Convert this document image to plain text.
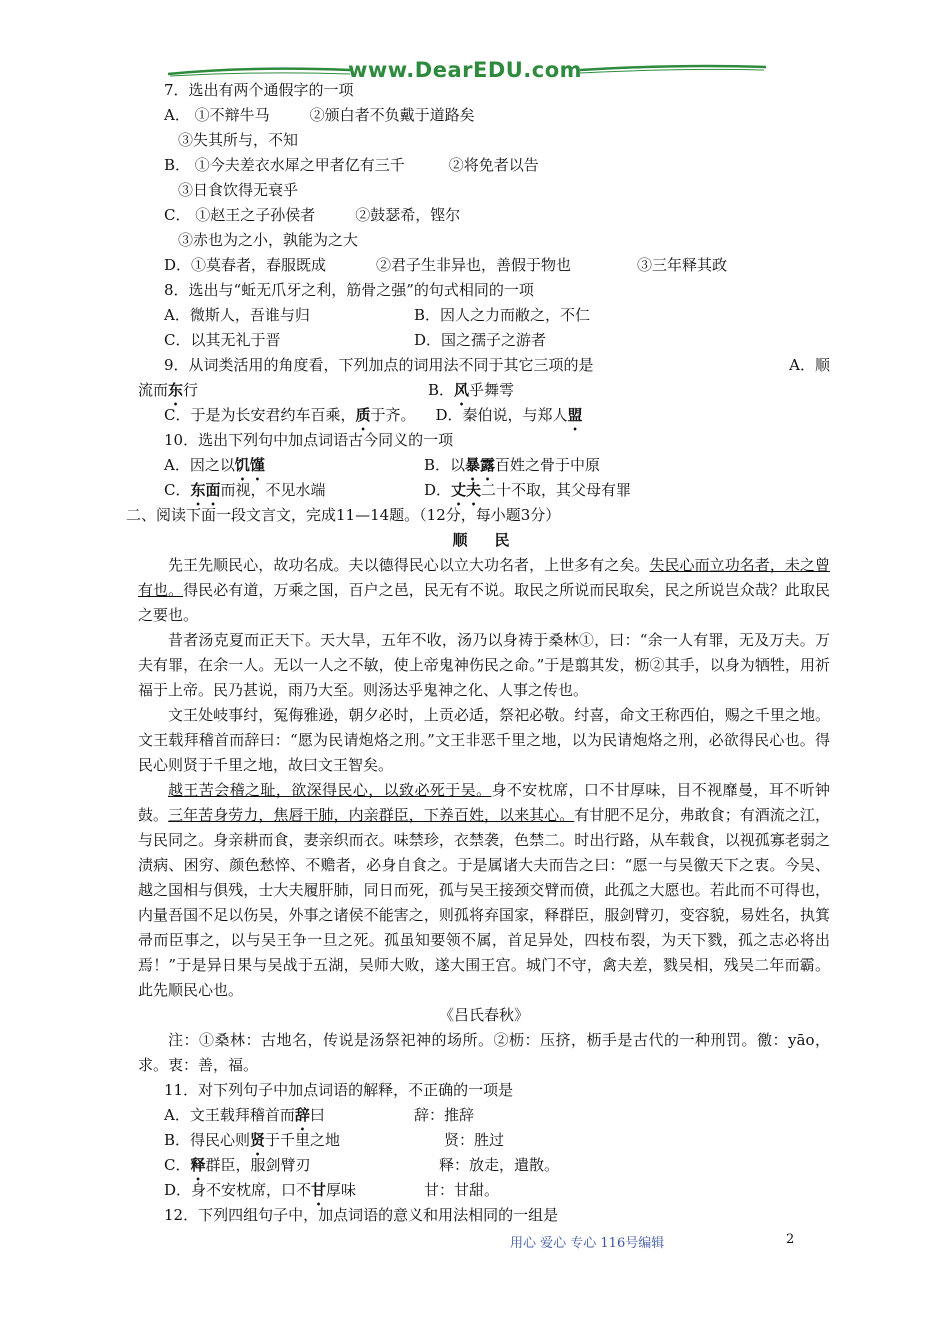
www.DearEDU.com
7．选出有两个通假字的一项
A． ①不辩牛马	②颁白者不负戴于道路矣
③失其所与，不知
B． ①今夫差衣水犀之甲者亿有三千	②将免者以告
③日食饮得无衰乎
C． ①赵王之子孙侯者	②鼓瑟希，铿尔
③赤也为之小，孰能为之大
D．①莫春者，春服既成	②君子生非异也，善假于物也	③三年释其政
8．选出与“蚯无爪牙之利，筋骨之强”的句式相同的一项
A．微斯人，吾谁与归	B．因人之力而敝之，不仁
C．以其无礼于晋	D．国之孺子之游者
9．从词类活用的角度看，下列加点的词用法不同于其它三项的是	A．顺
流而东行	B．风乎舞雩
C．于是为长安君约车百乘，质于齐。 D．秦伯说，与郑人盟
10．选出下列句中加点词语古今同义的一项
A．因之以饥馑	B．以暴露百姓之骨于中原
C．东面而视，不见水端	D．丈夫二十不取，其父母有罪
二、阅读下面一段文言文，完成11—14题。（12分，每小题3分）
顺　民

先王先顺民心，故功名成。夫以德得民心以立大功名者，上世多有之矣。失民心而立功名者，未之曾有也。得民必有道，万乘之国，百户之邑，民无有不说。取民之所说而民取矣，民之所说岂众哉？此取民之要也。

昔者汤克夏而正天下。天大旱，五年不收，汤乃以身祷于桑林①，曰：“余一人有罪，无及万夫。万夫有罪，在余一人。无以一人之不敏，使上帝鬼神伤民之命。”于是翦其发，枥②其手，以身为牺牲，用祈福于上帝。民乃甚说，雨乃大至。则汤达乎鬼神之化、人事之传也。

文王处岐事纣，冤侮雅逊，朝夕必时，上贡必适，祭祀必敬。纣喜，命文王称西伯，赐之千里之地。文王载拜稽首而辞曰：“愿为民请炮烙之刑。”文王非恶千里之地，以为民请炮烙之刑，必欲得民心也。得民心则贤于千里之地，故曰文王智矣。

越王苦会稽之耻，欲深得民心，以致必死于吴。身不安枕席，口不甘厚味，目不视靡曼，耳不听钟鼓。三年苦身劳力，焦唇干肺，内亲群臣，下养百姓，以来其心。有甘肥不足分，弗敢食；有酒流之江，与民同之。身亲耕而食，妻亲织而衣。味禁珍，衣禁袭，色禁二。时出行路，从车载食，以视孤寡老弱之渍病、困穷、颜色愁悴、不赡者，必身自食之。于是属诸大夫而告之曰：“愿一与吴徼天下之衷。今吴、越之国相与俱残，士大夫履肝肺，同日而死，孤与吴王接颈交臂而偾，此孤之大愿也。若此而不可得也，内量吾国不足以伤吴，外事之诸侯不能害之，则孤将弃国家，释群臣，服剑臂刃，变容貌，易姓名，执箕帚而臣事之，以与吴王争一旦之死。孤虽知要领不属，首足异处，四枝布裂，为天下戮，孤之志必将出焉！”于是异日果与吴战于五湖，吴师大败，遂大围王宫。城门不守，禽夫差，戮吴相，残吴二年而霸。此先顺民心也。

《吕氏春秋》

注：①桑林：古地名，传说是汤祭祀神的场所。②枥：压挤，枥手是古代的一种刑罚。徼：yāo，求。衷：善，福。

11．对下列句子中加点词语的解释，不正确的一项是
A．文王载拜稽首而辞曰	辞：推辞
B．得民心则贤于千里之地	贤：胜过
C．释群臣，服剑臂刃	释：放走，遣散。
D．身不安枕席，口不甘厚味	甘：甘甜。
12．下列四组句子中，加点词语的意义和用法相同的一组是
用心 爱心 专心 116号编辑	2
